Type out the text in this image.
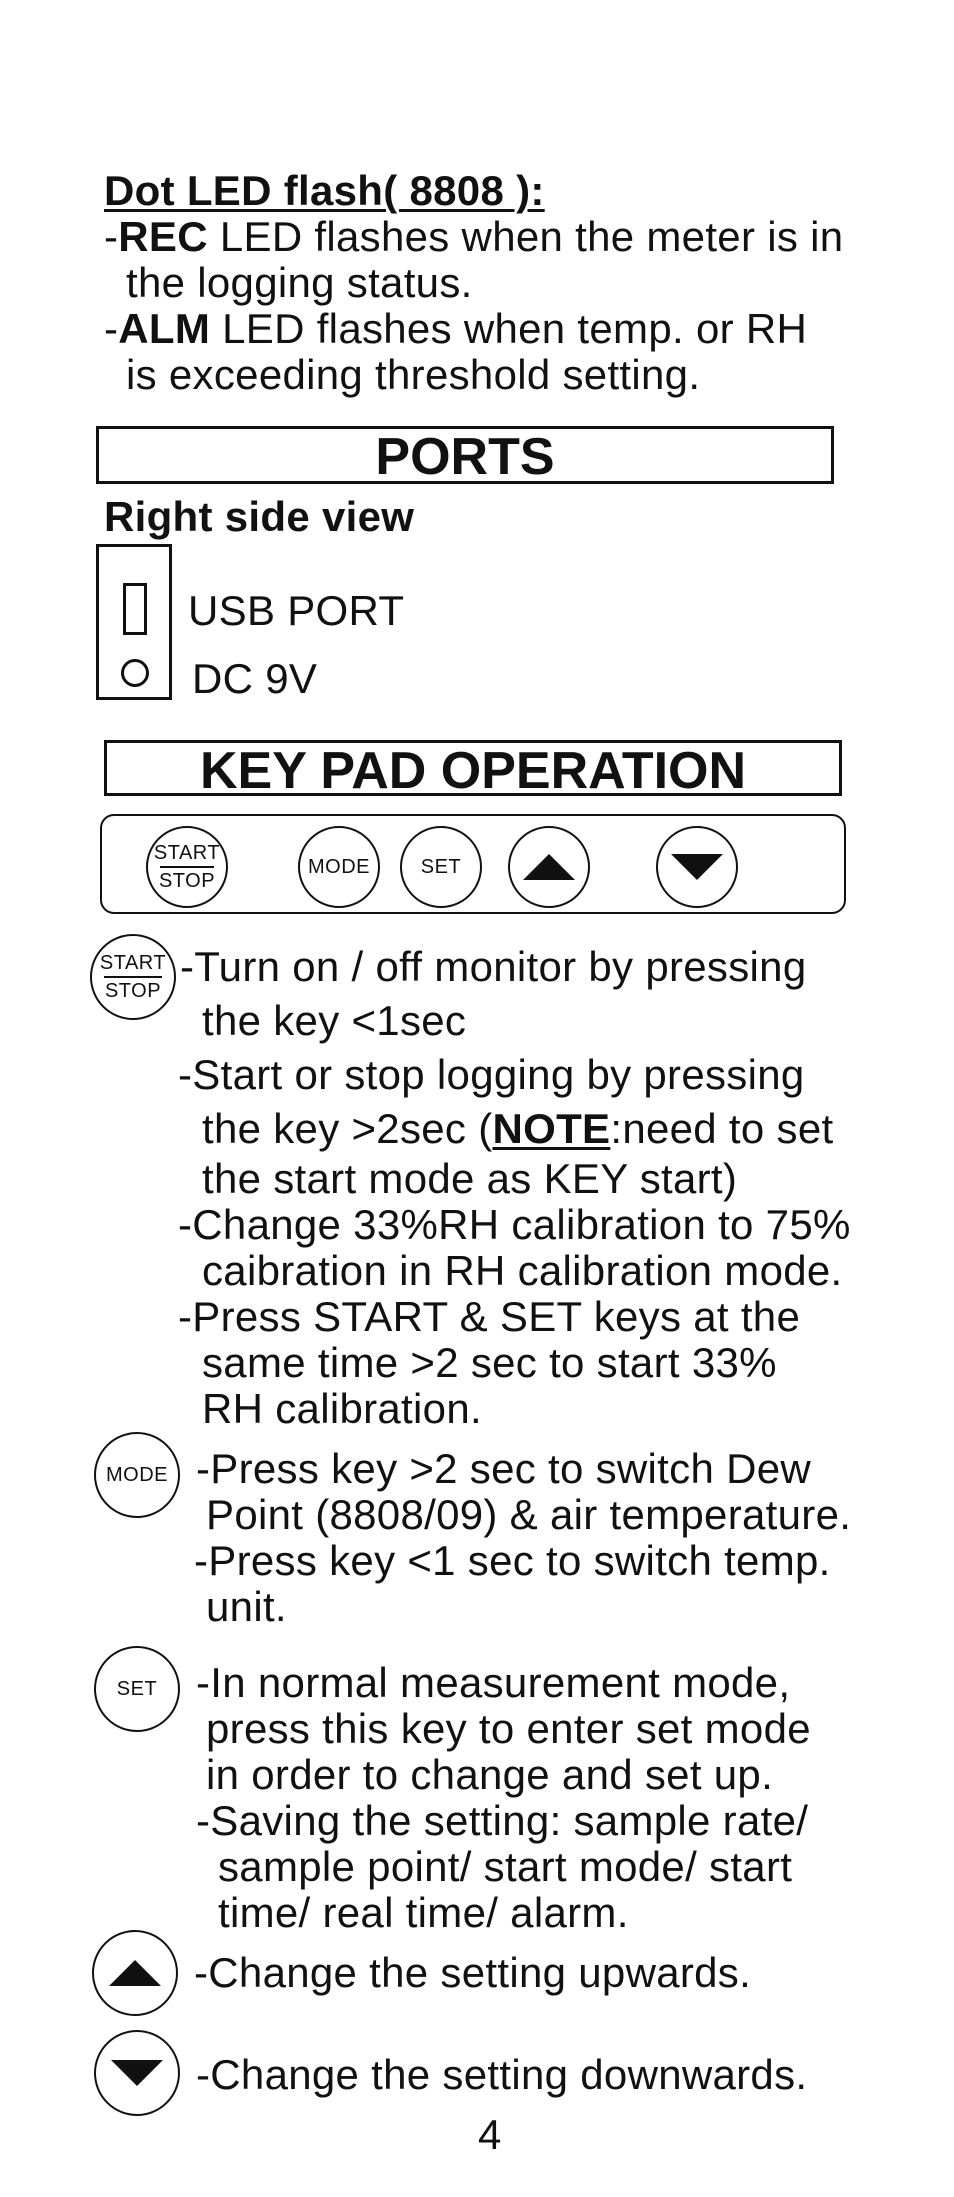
Dot LED flash( 8808 ):
-REC LED flashes when the meter is in
the logging status.
-ALM LED flashes when temp. or RH
is exceeding threshold setting.
PORTS
Right side view
USB PORT
DC 9V
KEY PAD OPERATION
START
STOP
MODE	SET
START
STOP
-Turn on / off monitor by pressing
the key <1sec
-Start or stop logging by pressing
the key >2sec (NOTE:need to set
the start mode as KEY start)
-Change 33%RH calibration to 75%
caibration in RH calibration mode.
-Press START & SET keys at the
same time >2 sec to start 33%
RH calibration.
MODE -Press key >2 sec to switch Dew
Point (8808/09) & air temperature.
-Press key <1 sec to switch temp.
unit.
SET -In normal measurement mode,
press this key to enter set mode
in order to change and set up.
-Saving the setting: sample rate/
sample point/ start mode/ start
time/ real time/ alarm.
-Change the setting upwards.
-Change the setting downwards.
4
